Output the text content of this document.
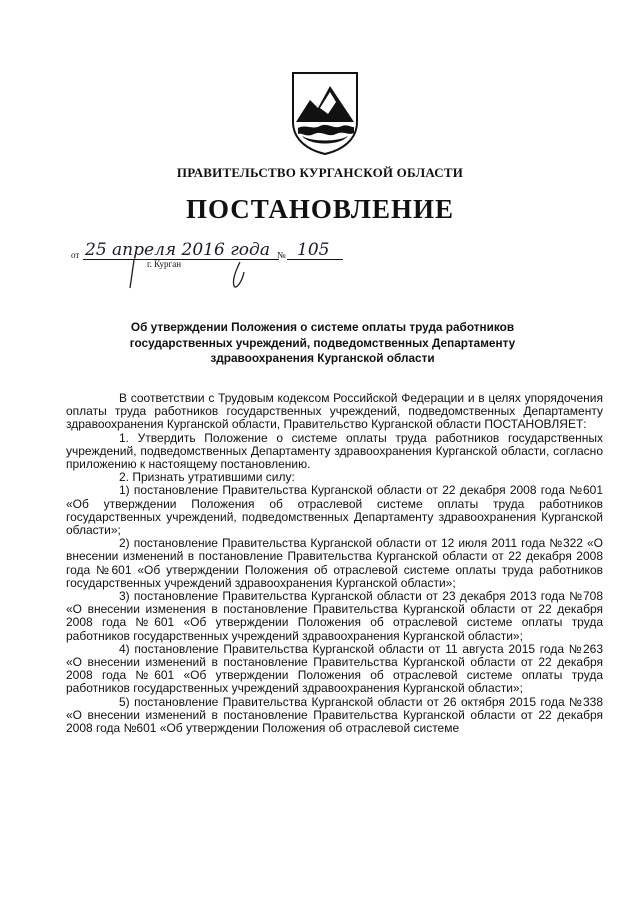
ПРАВИТЕЛЬСТВО КУРГАНСКОЙ ОБЛАСТИ
ПОСТАНОВЛЕНИЕ
от 25 апреля 2016 года № 105
г. Курган
Об утверждении Положения о системе оплаты труда работников государственных учреждений, подведомственных Департаменту здравоохранения Курганской области

В соответствии с Трудовым кодексом Российской Федерации и в целях упорядочения оплаты труда работников государственных учреждений, подведомственных Департаменту здравоохранения Курганской области, Правительство Курганской области ПОСТАНОВЛЯЕТ:

1. Утвердить Положение о системе оплаты труда работников государственных учреждений, подведомственных Департаменту здравоохранения Курганской области, согласно приложению к настоящему постановлению.

2. Признать утратившими силу:

1) постановление Правительства Курганской области от 22 декабря 2008 года №601 «Об утверждении Положения об отраслевой системе оплаты труда работников государственных учреждений, подведомственных Департаменту здравоохранения Курганской области»;

2) постановление Правительства Курганской области от 12 июля 2011 года №322 «О внесении изменений в постановление Правительства Курганской области от 22 декабря 2008 года №601 «Об утверждении Положения об отраслевой системе оплаты труда работников государственных учреждений здравоохранения Курганской области»;

3) постановление Правительства Курганской области от 23 декабря 2013 года №708 «О внесении изменения в постановление Правительства Курганской области от 22 декабря 2008 года №601 «Об утверждении Положения об отраслевой системе оплаты труда работников государственных учреждений здравоохранения Курганской области»;

4) постановление Правительства Курганской области от 11 августа 2015 года №263 «О внесении изменений в постановление Правительства Курганской области от 22 декабря 2008 года №601 «Об утверждении Положения об отраслевой системе оплаты труда работников государственных учреждений здравоохранения Курганской области»;

5) постановление Правительства Курганской области от 26 октября 2015 года №338 «О внесении изменений в постановление Правительства Курганской области от 22 декабря 2008 года №601 «Об утверждении Положения об отраслевой системе
